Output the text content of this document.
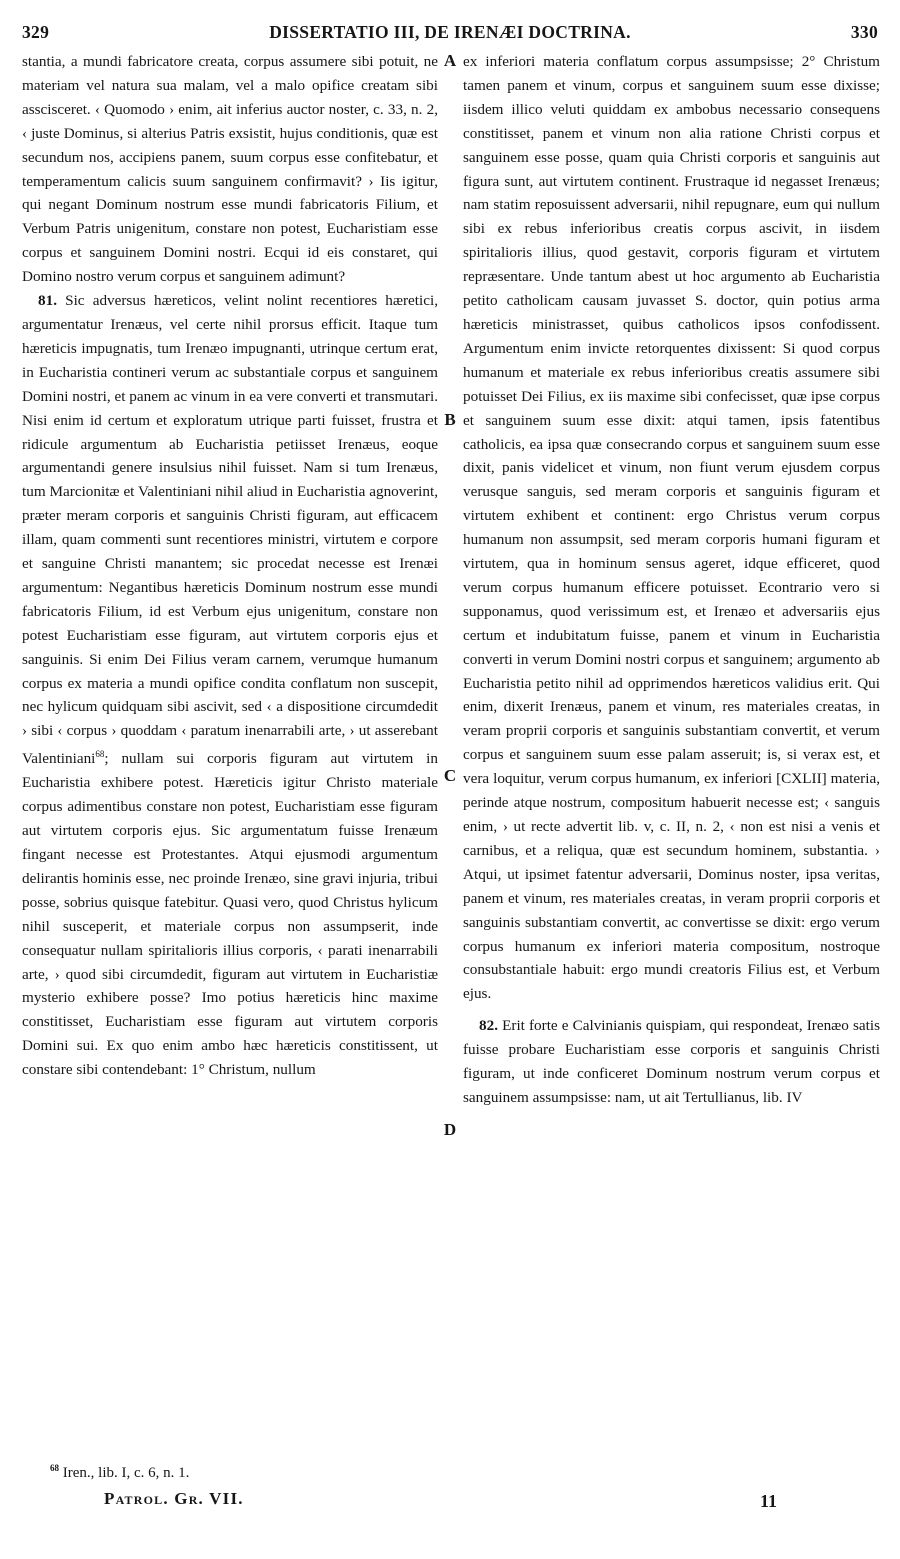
329	DISSERTATIO III, DE IRENÆI DOCTRINA.	330

stantia, a mundi fabricatore creata, corpus assumere sibi potuit, ne materiam vel natura sua malam, vel a malo opifice creatam sibi asscisceret. ‹ Quomodo › enim, ait inferius auctor noster, c. 33, n. 2, ‹ juste Dominus, si alterius Patris exsistit, hujus conditionis, quæ est secundum nos, accipiens panem, suum corpus esse confitebatur, et temperamentum calicis suum sanguinem confirmavit? › Iis igitur, qui negant Dominum nostrum esse mundi fabricatoris Filium, et Verbum Patris unigenitum, constare non potest, Eucharistiam esse corpus et sanguinem Domini nostri. Ecqui id eis constaret, qui Domino nostro verum corpus et sanguinem adimunt?

81. Sic adversus hæreticos, velint nolint recentiores hæretici, argumentatur Irenæus, vel certe nihil prorsus efficit. Itaque tum hæreticis impugnatis, tum Irenæo impugnanti, utrinque certum erat, in Eucharistia contineri verum ac substantiale corpus et sanguinem Domini nostri, et panem ac vinum in ea vere converti et transmutari. Nisi enim id certum et exploratum utrique parti fuisset, frustra et ridicule argumentum ab Eucharistia petiisset Irenæus, eoque argumentandi genere insulsius nihil fuisset. Nam si tum Irenæus, tum Marcionitæ et Valentiniani nihil aliud in Eucharistia agnoverint, præter meram corporis et sanguinis Christi figuram, aut efficacem illam, quam commenti sunt recentiores ministri, virtutem e corpore et sanguine Christi manantem; sic procedat necesse est Irenæi argumentum: Negantibus hæreticis Dominum nostrum esse mundi fabricatoris Filium, id est Verbum ejus unigenitum, constare non potest Eucharistiam esse figuram, aut virtutem corporis ejus et sanguinis. Si enim Dei Filius veram carnem, verumque humanum corpus ex materia a mundi opifice condita conflatum non suscepit, nec hylicum quidquam sibi ascivit, sed ‹ a dispositione circumdedit › sibi ‹ corpus › quoddam ‹ paratum inenarrabili arte, › ut asserebant Valentiniani$^{68}$; nullam sui corporis figuram aut virtutem in Eucharistia exhibere potest. Hæreticis igitur Christo materiale corpus adimentibus constare non potest, Eucharistiam esse figuram aut virtutem corporis ejus. Sic argumentatum fuisse Irenæum fingant necesse est Protestantes. Atqui ejusmodi argumentum delirantis hominis esse, nec proinde Irenæo, sine gravi injuria, tribui posse, sobrius quisque fatebitur. Quasi vero, quod Christus hylicum nihil susceperit, et materiale corpus non assumpserit, inde consequatur nullam spiritalioris illius corporis, ‹ parati inenarrabili arte, › quod sibi circumdedit, figuram aut virtutem in Eucharistiæ mysterio exhibere posse? Imo potius hæreticis hinc maxime constitisset, Eucharistiam esse figuram aut virtutem corporis Domini sui. Ex quo enim ambo hæc hæreticis constitissent, ut constare sibi contendebant: 1° Christum, nullum

A
B
C
D

ex inferiori materia conflatum corpus assumpsisse; 2° Christum tamen panem et vinum, corpus et sanguinem suum esse dixisse; iisdem illico veluti quiddam ex ambobus necessario consequens constitisset, panem et vinum non alia ratione Christi corpus et sanguinem esse posse, quam quia Christi corporis et sanguinis aut figura sunt, aut virtutem continent. Frustraque id negasset Irenæus; nam statim reposuissent adversarii, nihil repugnare, eum qui nullum sibi ex rebus inferioribus creatis corpus ascivit, in iisdem spiritalioris illius, quod gestavit, corporis figuram et virtutem repræsentare. Unde tantum abest ut hoc argumento ab Eucharistia petito catholicam causam juvasset S. doctor, quin potius arma hæreticis ministrasset, quibus catholicos ipsos confodissent. Argumentum enim invicte retorquentes dixissent: Si quod corpus humanum et materiale ex rebus inferioribus creatis assumere sibi potuisset Dei Filius, ex iis maxime sibi confecisset, quæ ipse corpus et sanguinem suum esse dixit: atqui tamen, ipsis fatentibus catholicis, ea ipsa quæ consecrando corpus et sanguinem suum esse dixit, panis videlicet et vinum, non fiunt verum ejusdem corpus verusque sanguis, sed meram corporis et sanguinis figuram et virtutem exhibent et continent: ergo Christus verum corpus humanum non assumpsit, sed meram corporis humani figuram et virtutem, qua in hominum sensus ageret, idque efficeret, quod verum corpus humanum efficere potuisset. Econtrario vero si supponamus, quod verissimum est, et Irenæo et adversariis ejus certum et indubitatum fuisse, panem et vinum in Eucharistia converti in verum Domini nostri corpus et sanguinem; argumento ab Eucharistia petito nihil ad opprimendos hæreticos validius erit. Qui enim, dixerit Irenæus, panem et vinum, res materiales creatas, in veram proprii corporis et sanguinis substantiam convertit, et verum corpus et sanguinem suum esse palam asseruit; is, si verax est, et vera loquitur, verum corpus humanum, ex inferiori [CXLII] materia, perinde atque nostrum, compositum habuerit necesse est; ‹ sanguis enim, › ut recte advertit lib. v, c. II, n. 2, ‹ non est nisi a venis et carnibus, et a reliqua, quæ est secundum hominem, substantia. › Atqui, ut ipsimet fatentur adversarii, Dominus noster, ipsa veritas, panem et vinum, res materiales creatas, in veram proprii corporis et sanguinis substantiam convertit, ac convertisse se dixit: ergo verum corpus humanum ex inferiori materia compositum, nostroque consubstantiale habuit: ergo mundi creatoris Filius est, et Verbum ejus.

82. Erit forte e Calvinianis quispiam, qui respondeat, Irenæo satis fuisse probare Eucharistiam esse corporis et sanguinis Christi figuram, ut inde conficeret Dominum nostrum verum corpus et sanguinem assumpsisse: nam, ut ait Tertullianus, lib. IV

$^{68}$ Iren., lib. I, c. 6, n. 1.
Patrol. Gr. VII.	11
